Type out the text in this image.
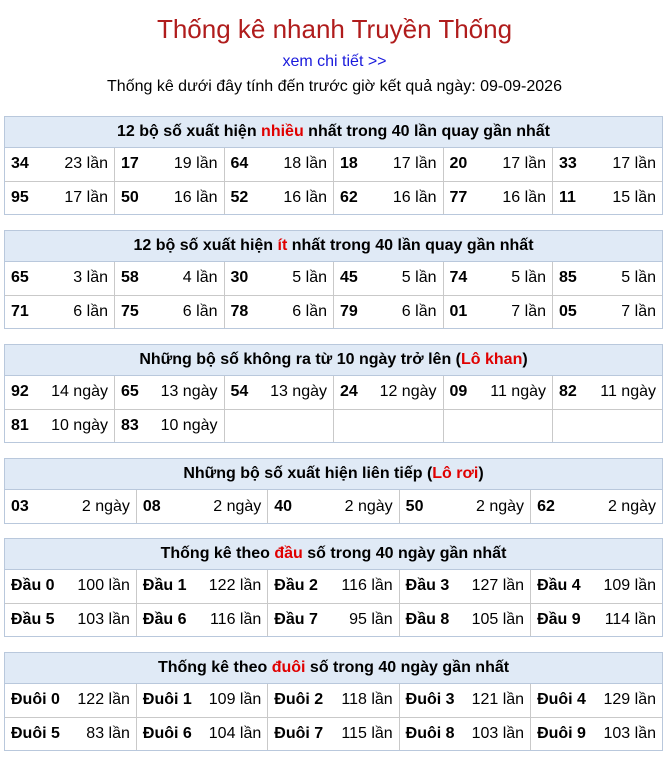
Thống kê nhanh Truyền Thống
xem chi tiết >>
Thống kê dưới đây tính đến trước giờ kết quả ngày: 09-09-2026
12 bộ số xuất hiện nhiều nhất trong 40 lần quay gần nhất
34 23 lần	17 19 lần	64 18 lần	18 17 lần	20 17 lần	33 17 lần

95 17 lần	50 16 lần	52 16 lần	62 16 lần	77 16 lần	11 15 lần
12 bộ số xuất hiện ít nhất trong 40 lần quay gần nhất
65 3 lần	58 4 lần	30 5 lần	45 5 lần	74 5 lần	85 5 lần

71 6 lần	75 6 lần	78 6 lần	79 6 lần	01 7 lần	05 7 lần
Những bộ số không ra từ 10 ngày trở lên (Lô khan)
92 14 ngày	65 13 ngày	54 13 ngày	24 12 ngày	09 11 ngày	82 11 ngày

81 10 ngày	83 10 ngày				

Những bộ số xuất hiện liên tiếp (Lô rơi)
03	2 ngày	08	2 ngày	40	2 ngày	50	2 ngày	62	2 ngày
Thống kê theo đầu số trong 40 ngày gần nhất
Đầu 0 100 lần	Đầu 1 122 lần	Đầu 2 116 lần	Đầu 3 127 lần	Đầu 4 109 lần

Đầu 5 103 lần	Đầu 6 116 lần	Đầu 7 95 lần	Đầu 8 105 lần	Đầu 9 114 lần
Thống kê theo đuôi số trong 40 ngày gần nhất
Đuôi 0 122 lần	Đuôi 1 109 lần	Đuôi 2 118 lần	Đuôi 3 121 lần	Đuôi 4 129 lần

Đuôi 5 83 lần	Đuôi 6 104 lần	Đuôi 7 115 lần	Đuôi 8 103 lần	Đuôi 9 103 lần
